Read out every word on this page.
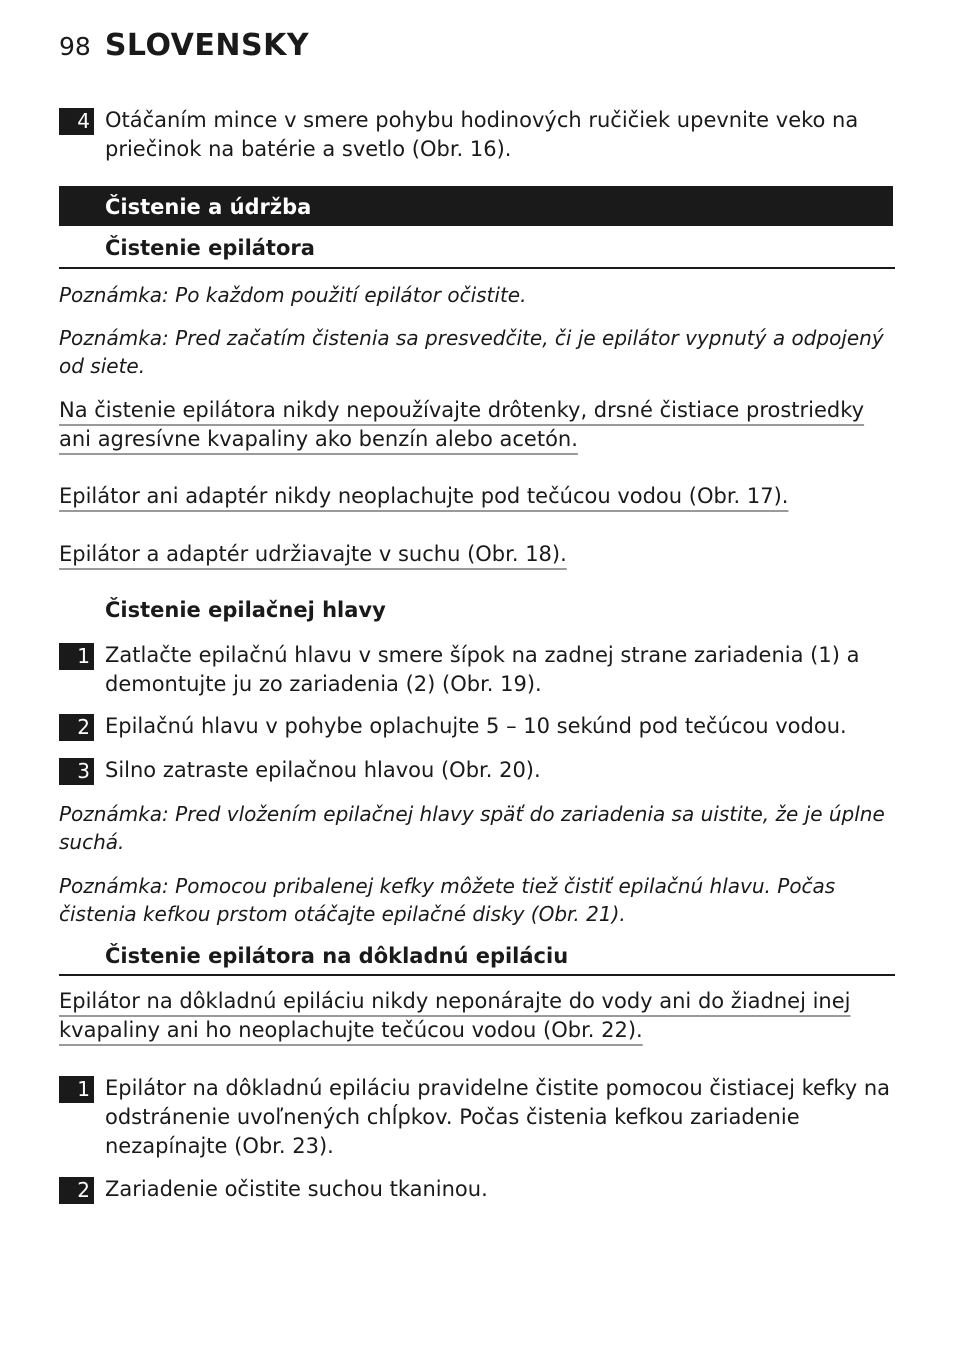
98 SLOVENSKY
4 Otáčaním mince v smere pohybu hodinových ručičiek upevnite veko na priečinok na batérie a svetlo (Obr. 16).
Čistenie a údržba
Čistenie epilátora
Poznámka: Po každom použití epilátor očistite.
Poznámka: Pred začatím čistenia sa presvedčite, či je epilátor vypnutý a odpojený od siete.
Na čistenie epilátora nikdy nepoužívajte drôtenky, drsné čistiace prostriedky ani agresívne kvapaliny ako benzín alebo acetón.
Epilátor ani adaptér nikdy neoplachujte pod tečúcou vodou (Obr. 17).
Epilátor a adaptér udržiavajte v suchu (Obr. 18).
Čistenie epilačnej hlavy
1 Zatlačte epilačnú hlavu v smere šípok na zadnej strane zariadenia (1) a demontujte ju zo zariadenia (2) (Obr. 19).
2 Epilačnú hlavu v pohybe oplachujte 5 – 10 sekúnd pod tečúcou vodou.
3 Silno zatraste epilačnou hlavou (Obr. 20).
Poznámka: Pred vložením epilačnej hlavy späť do zariadenia sa uistite, že je úplne suchá.
Poznámka: Pomocou pribalenej kefky môžete tiež čistiť epilačnú hlavu. Počas čistenia kefkou prstom otáčajte epilačné disky (Obr. 21).
Čistenie epilátora na dôkladnú epiláciu
Epilátor na dôkladnú epiláciu nikdy neponárajte do vody ani do žiadnej inej kvapaliny ani ho neoplachujte tečúcou vodou (Obr. 22).
1 Epilátor na dôkladnú epiláciu pravidelne čistite pomocou čistiacej kefky na odstránenie uvoľnených chĺpkov. Počas čistenia kefkou zariadenie nezapínajte (Obr. 23).
2 Zariadenie očistite suchou tkaninou.
